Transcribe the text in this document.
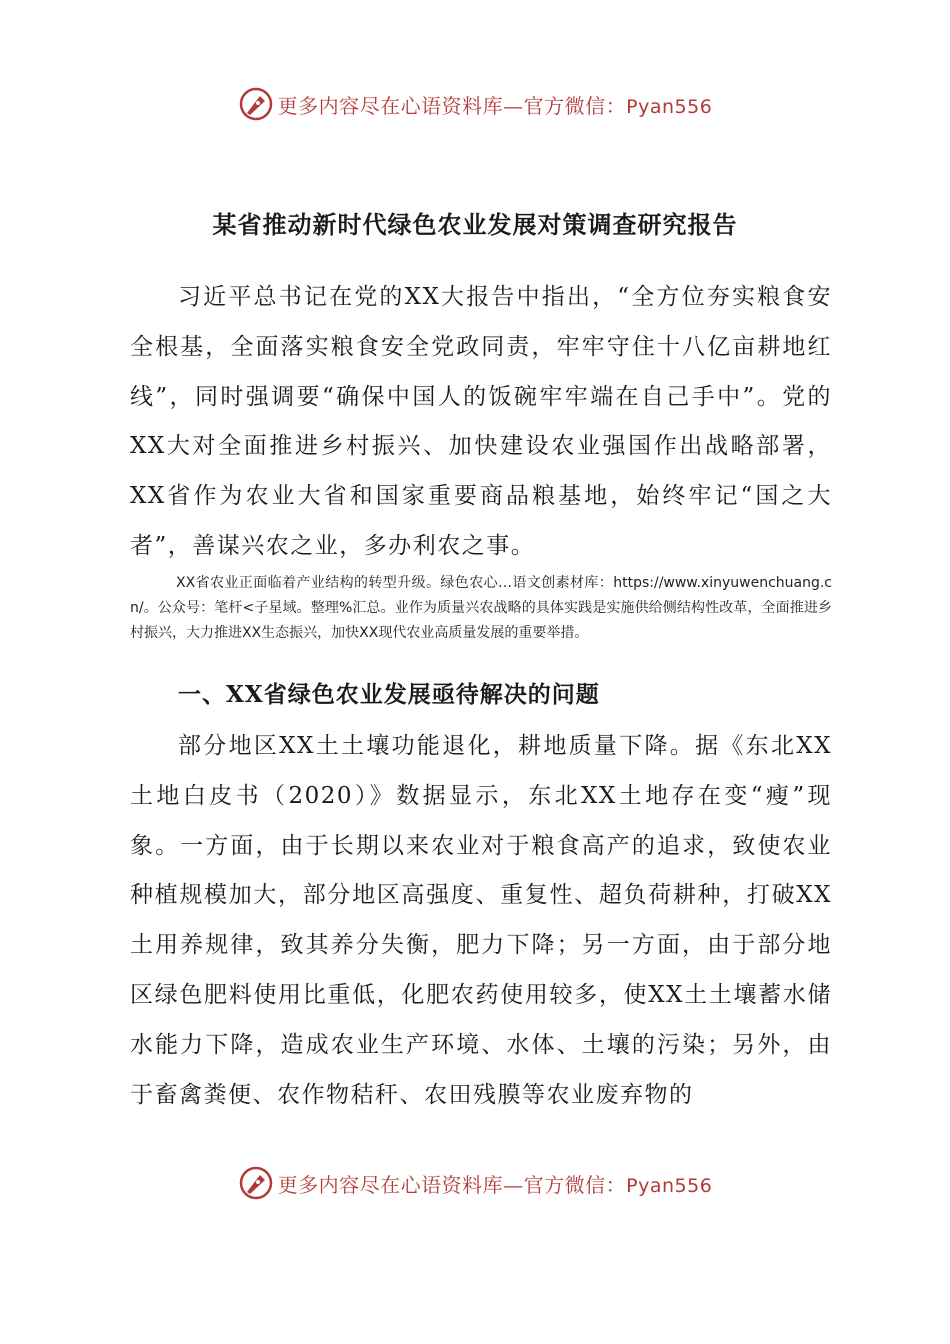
更多内容尽在心语资料库—官方微信：Pyan556
某省推动新时代绿色农业发展对策调查研究报告

习近平总书记在党的XX大报告中指出，“全方位夯实粮食安全根基，全面落实粮食安全党政同责，牢牢守住十八亿亩耕地红线”，同时强调要“确保中国人的饭碗牢牢端在自己手中”。党的XX大对全面推进乡村振兴、加快建设农业强国作出战略部署，XX省作为农业大省和国家重要商品粮基地，始终牢记“国之大者”，善谋兴农之业，多办利农之事。

XX省农业正面临着产业结构的转型升级。绿色农心…语文创素材库：https://www.xinyuwenchuang.cn/。公众号：笔杆<子星域。整理%汇总。业作为质量兴农战略的具体实践是实施供给侧结构性改革，全面推进乡村振兴，大力推进XX生态振兴，加快XX现代农业高质量发展的重要举措。

一、XX省绿色农业发展亟待解决的问题

部分地区XX土土壤功能退化，耕地质量下降。据《东北XX土地白皮书（2020）》数据显示，东北XX土地存在变“瘦”现象。一方面，由于长期以来农业对于粮食高产的追求，致使农业种植规模加大，部分地区高强度、重复性、超负荷耕种，打破XX土用养规律，致其养分失衡，肥力下降；另一方面，由于部分地区绿色肥料使用比重低，化肥农药使用较多，使XX土土壤蓄水储水能力下降，造成农业生产环境、水体、土壤的污染；另外，由于畜禽粪便、农作物秸秆、农田残膜等农业废弃物的

更多内容尽在心语资料库—官方微信：Pyan556
